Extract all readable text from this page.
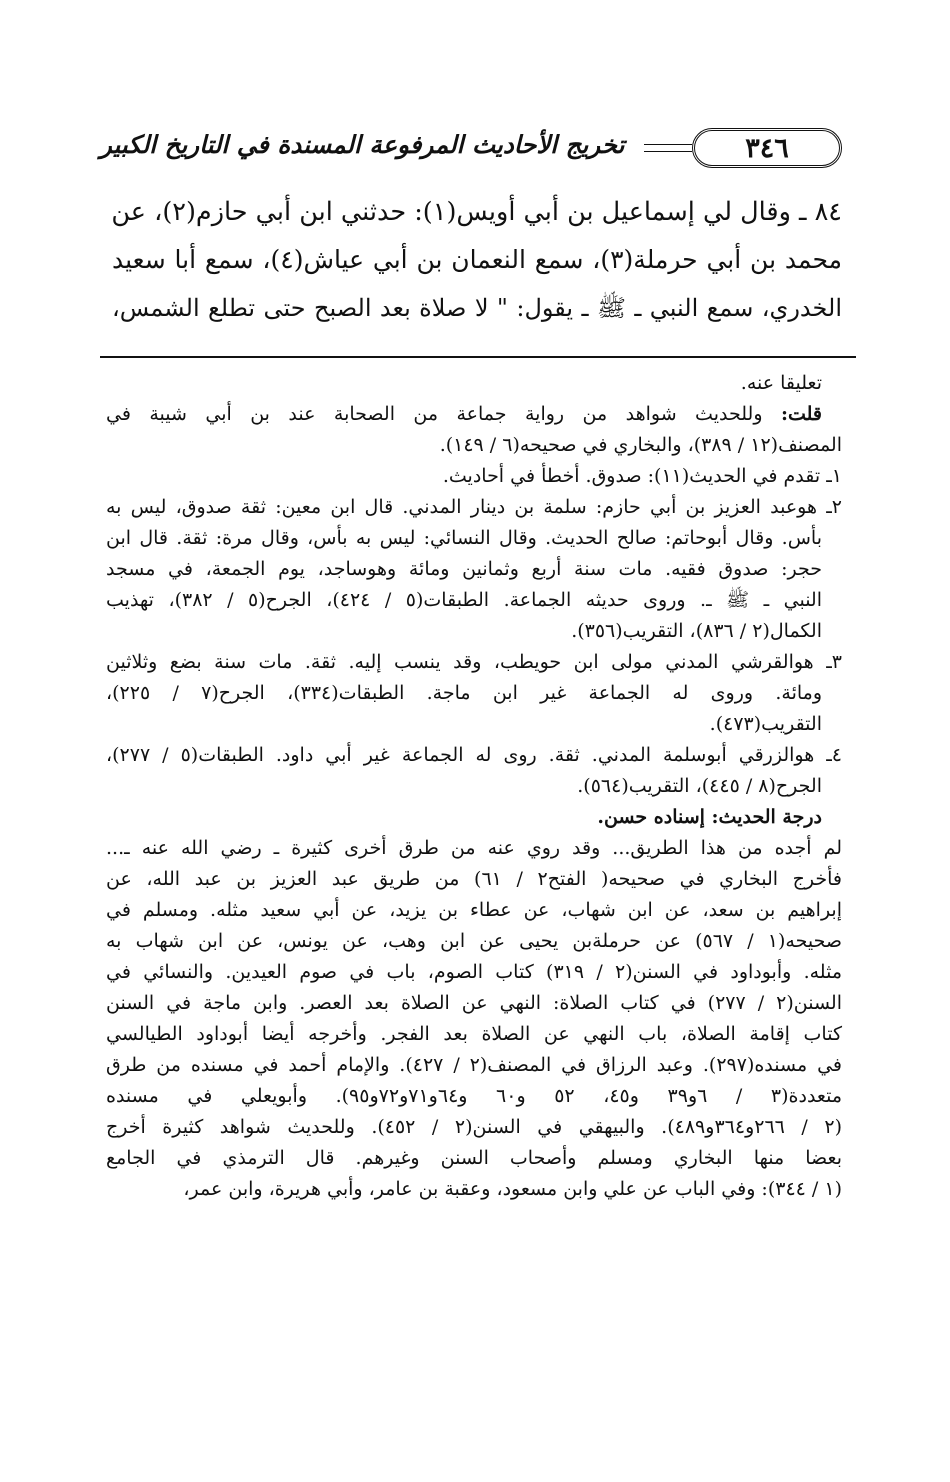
٣٤٦
تخريج الأحاديث المرفوعة المسندة في التاريخ الكبير

٨٤ ـ وقال لي إسماعيل بن أبي أويس(١): حدثني ابن أبي حازم(٢)، عن

محمد بن أبي حرملة(٣)، سمع النعمان بن أبي عياش(٤)، سمع أبا سعيد

الخدري، سمع النبي ـ ﷺ ـ يقول: " لا صلاة بعد الصبح حتى تطلع الشمس،

تعليقا عنه.

قلت: وللحديث شواهد من رواية جماعة من الصحابة عند بن أبي شيبة في

المصنف(١٢ / ٣٨٩)، والبخاري في صحيحه(٦ / ١٤٩).

١ـ تقدم في الحديث(١١): صدوق. أخطأ في أحاديث.

٢ـ هوعبد العزيز بن أبي حازم: سلمة بن دينار المدني. قال ابن معين: ثقة صدوق، ليس به

بأس. وقال أبوحاتم: صالح الحديث. وقال النسائي: ليس به بأس، وقال مرة: ثقة. قال ابن

حجر: صدوق فقيه. مات سنة أربع وثمانين ومائة وهوساجد، يوم الجمعة، في مسجد

النبي ـ ﷺ ـ. وروى حديثه الجماعة. الطبقات(٥ / ٤٢٤)، الجرح(٥ / ٣٨٢)، تهذيب

الكمال(٢ / ٨٣٦)، التقريب(٣٥٦).

٣ـ هوالقرشي المدني مولى ابن حويطب، وقد ينسب إليه. ثقة. مات سنة بضع وثلاثين

ومائة. وروى له الجماعة غير ابن ماجة. الطبقات(٣٣٤)، الجرح(٧ / ٢٢٥)،

التقريب(٤٧٣).

٤ـ هوالزرقي أبوسلمة المدني. ثقة. روى له الجماعة غير أبي داود. الطبقات(٥ / ٢٧٧)،

الجرح(٨ / ٤٤٥)، التقريب(٥٦٤).

درجة الحديث: إسناده حسن.

لم أجده من هذا الطريق... وقد روي عنه من طرق أخرى كثيرة ـ رضي الله عنه ـ...

فأخرج البخاري في صحيحه( الفتح٢ / ٦١) من طريق عبد العزيز بن عبد الله، عن

إبراهيم بن سعد، عن ابن شهاب، عن عطاء بن يزيد، عن أبي سعيد مثله. ومسلم في

صحيحه(١ / ٥٦٧) عن حرملةبن يحيى عن ابن وهب، عن يونس، عن ابن شهاب به

مثله. وأبوداود في السنن(٢ / ٣١٩) كتاب الصوم، باب في صوم العيدين. والنسائي في

السنن(٢ / ٢٧٧) في كتاب الصلاة: النهي عن الصلاة بعد العصر. وابن ماجة في السنن

كتاب إقامة الصلاة، باب النهي عن الصلاة بعد الفجر. وأخرجه أيضا أبوداود الطيالسي

في مسنده(٢٩٧). وعبد الرزاق في المصنف(٢ / ٤٢٧). والإمام أحمد في مسنده من طرق

متعددة(٣ / ٦و٣٩ و٤٥، ٥٢ و٦٠ و٦٤و٧١و٧٢و٩٥). وأبويعلي في مسنده

(٢ / ٢٦٦و٣٦٤و٤٨٩). والبيهقي في السنن(٢ / ٤٥٢). وللحديث شواهد كثيرة أخرج

بعضا منها البخاري ومسلم وأصحاب السنن وغيرهم. قال الترمذي في الجامع

(١ / ٣٤٤): وفي الباب عن علي وابن مسعود، وعقبة بن عامر، وأبي هريرة، وابن عمر،
